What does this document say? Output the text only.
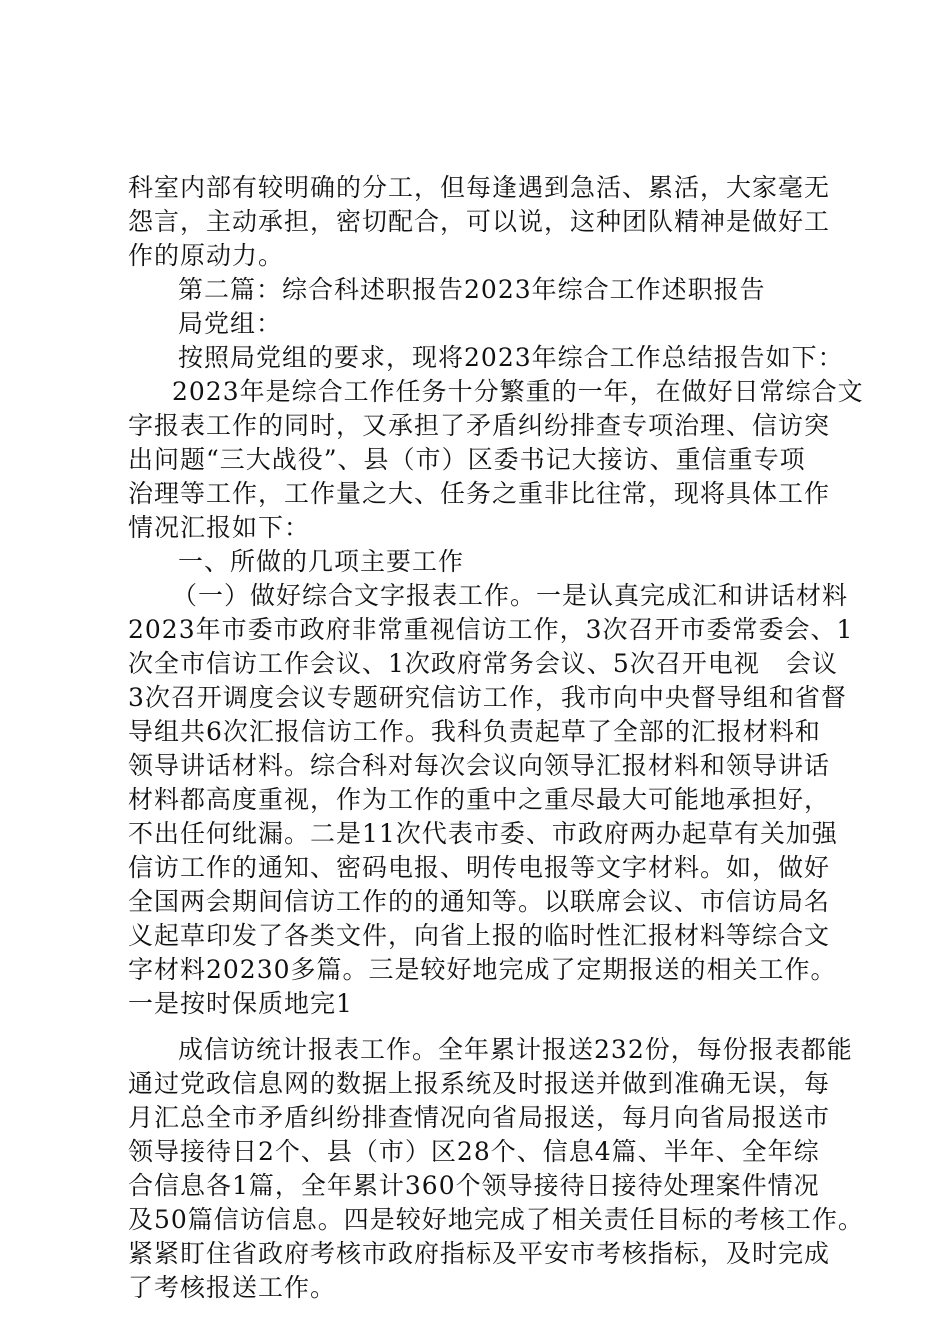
科室内部有较明确的分工，但每逢遇到急活、累活，大家毫无
怨言，主动承担，密切配合，可以说，这种团队精神是做好工
作的原动力。
第二篇：综合科述职报告2023年综合工作述职报告
局党组：
按照局党组的要求，现将2023年综合工作总结报告如下：
2023年是综合工作任务十分繁重的一年，在做好日常综合文
字报表工作的同时，又承担了矛盾纠纷排查专项治理、信访突
出问题“三大战役”、县（市）区委书记大接访、重信重专项
治理等工作，工作量之大、任务之重非比往常，现将具体工作
情况汇报如下：
一、所做的几项主要工作
（一）做好综合文字报表工作。一是认真完成汇和讲话材料
2023年市委市政府非常重视信访工作，3次召开市委常委会、1
次全市信访工作会议、1次政府常务会议、5次召开电视　会议
3次召开调度会议专题研究信访工作，我市向中央督导组和省督
导组共6次汇报信访工作。我科负责起草了全部的汇报材料和
领导讲话材料。综合科对每次会议向领导汇报材料和领导讲话
材料都高度重视，作为工作的重中之重尽最大可能地承担好，
不出任何纰漏。二是11次代表市委、市政府两办起草有关加强
信访工作的通知、密码电报、明传电报等文字材料。如，做好
全国两会期间信访工作的的通知等。以联席会议、市信访局名
义起草印发了各类文件，向省上报的临时性汇报材料等综合文
字材料20230多篇。三是较好地完成了定期报送的相关工作。
一是按时保质地完1
成信访统计报表工作。全年累计报送232份，每份报表都能
通过党政信息网的数据上报系统及时报送并做到准确无误，每
月汇总全市矛盾纠纷排查情况向省局报送，每月向省局报送市
领导接待日2个、县（市）区28个、信息4篇、半年、全年综
合信息各1篇，全年累计360个领导接待日接待处理案件情况
及50篇信访信息。四是较好地完成了相关责任目标的考核工作。
紧紧盯住省政府考核市政府指标及平安市考核指标，及时完成
了考核报送工作。
